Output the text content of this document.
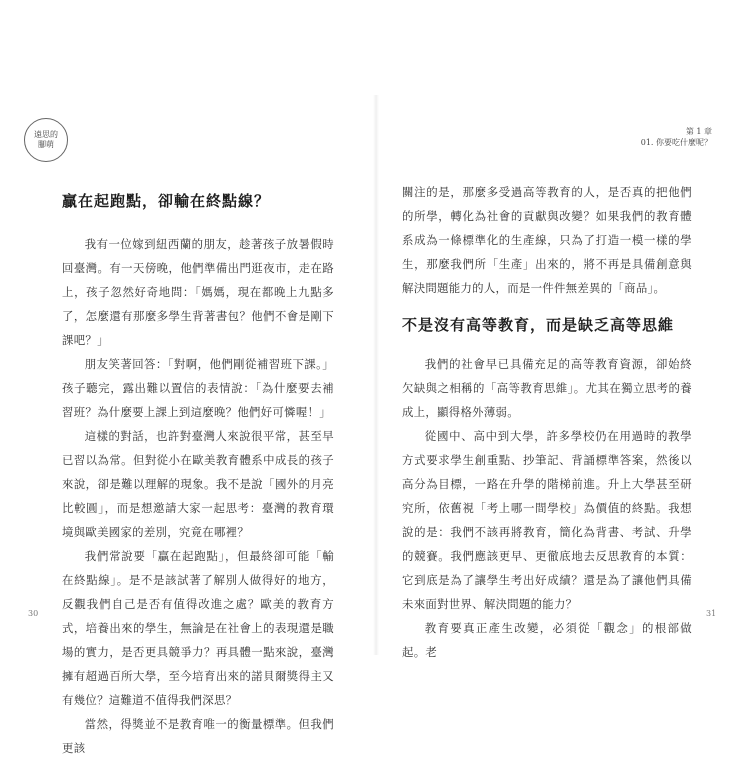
遠思的
腳萌
第 1 章
01. 你要吃什麼呢？
贏在起跑點，卻輸在終點線？

我有一位嫁到紐西蘭的朋友，趁著孩子放暑假時回臺灣。有一天傍晚，他們準備出門逛夜市，走在路上，孩子忽然好奇地問：「媽媽，現在都晚上九點多了，怎麼還有那麼多學生背著書包？他們不會是剛下課吧？」

朋友笑著回答：「對啊，他們剛從補習班下課。」孩子聽完，露出難以置信的表情說：「為什麼要去補習班？為什麼要上課上到這麼晚？他們好可憐喔！」

這樣的對話，也許對臺灣人來說很平常，甚至早已習以為常。但對從小在歐美教育體系中成長的孩子來說，卻是難以理解的現象。我不是說「國外的月亮比較圓」，而是想邀請大家一起思考：臺灣的教育環境與歐美國家的差別，究竟在哪裡？

我們常說要「贏在起跑點」，但最終卻可能「輸在終點線」。是不是該試著了解別人做得好的地方，反觀我們自己是否有值得改進之處？歐美的教育方式，培養出來的學生，無論是在社會上的表現還是職場的實力，是否更具競爭力？再具體一點來說，臺灣擁有超過百所大學，至今培育出來的諾貝爾獎得主又有幾位？這難道不值得我們深思？

當然，得獎並不是教育唯一的衡量標準。但我們更該

關注的是，那麼多受過高等教育的人，是否真的把他們的所學，轉化為社會的貢獻與改變？如果我們的教育體系成為一條標準化的生產線，只為了打造一模一樣的學生，那麼我們所「生產」出來的，將不再是具備創意與解決問題能力的人，而是一件件無差異的「商品」。

不是沒有高等教育，而是缺乏高等思維

我們的社會早已具備充足的高等教育資源，卻始終欠缺與之相稱的「高等教育思維」。尤其在獨立思考的養成上，顯得格外薄弱。

從國中、高中到大學，許多學校仍在用過時的教學方式要求學生創重點、抄筆記、背誦標準答案，然後以高分為目標，一路在升學的階梯前進。升上大學甚至研究所，依舊視「考上哪一間學校」為價值的終點。我想說的是：我們不該再將教育，簡化為背書、考試、升學的競賽。我們應該更早、更徹底地去反思教育的本質：它到底是為了讓學生考出好成績？還是為了讓他們具備未來面對世界、解決問題的能力？

教育要真正產生改變，必須從「觀念」的根部做起。老

30	31
